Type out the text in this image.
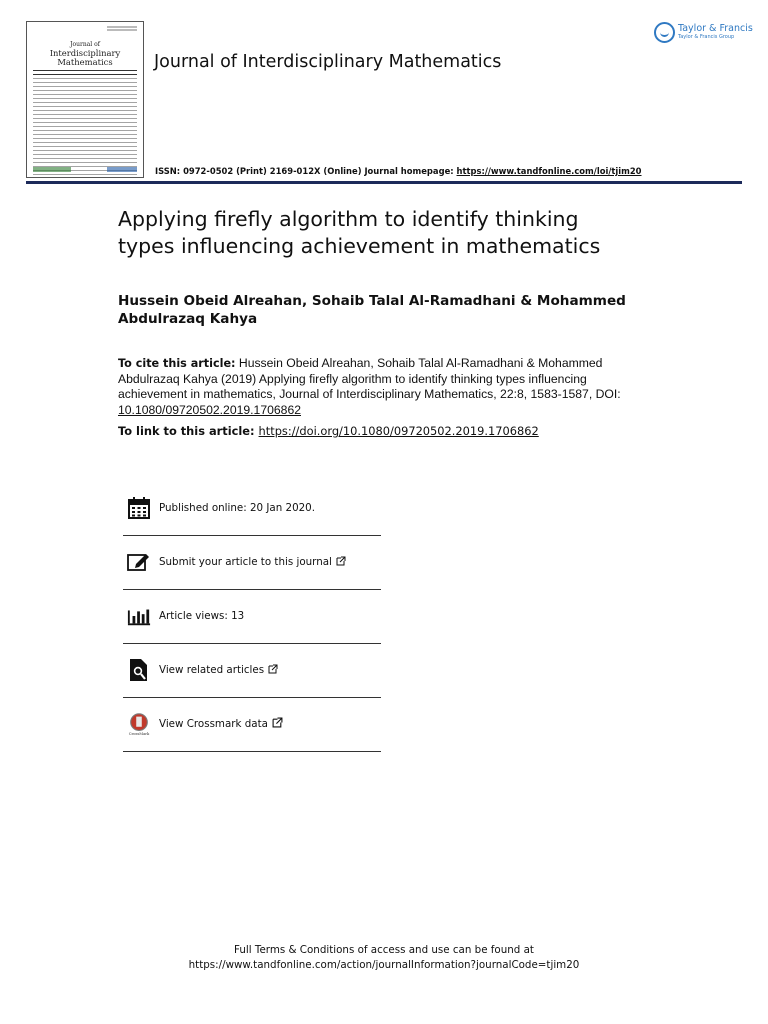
Journal of
Interdisciplinary
Mathematics	Journal of Interdisciplinary Mathematics
Taylor & Francis
Taylor & Francis Group
ISSN: 0972-0502 (Print) 2169-012X (Online) Journal homepage: https://www.tandfonline.com/loi/tjim20
Applying firefly algorithm to identify thinking
types influencing achievement in mathematics
Hussein Obeid Alreahan, Sohaib Talal Al-Ramadhani & Mohammed
Abdulrazaq Kahya
To cite this article: Hussein Obeid Alreahan, Sohaib Talal Al-Ramadhani & Mohammed
Abdulrazaq Kahya (2019) Applying firefly algorithm to identify thinking types influencing
achievement in mathematics, Journal of Interdisciplinary Mathematics, 22:8, 1583-1587, DOI:
10.1080/09720502.2019.1706862
To link to this article: https://doi.org/10.1080/09720502.2019.1706862
Published online: 20 Jan 2020.
Submit your article to this journal
Article views: 13
View related articles
CrossMark
View Crossmark data
Full Terms & Conditions of access and use can be found at
https://www.tandfonline.com/action/journalInformation?journalCode=tjim20
